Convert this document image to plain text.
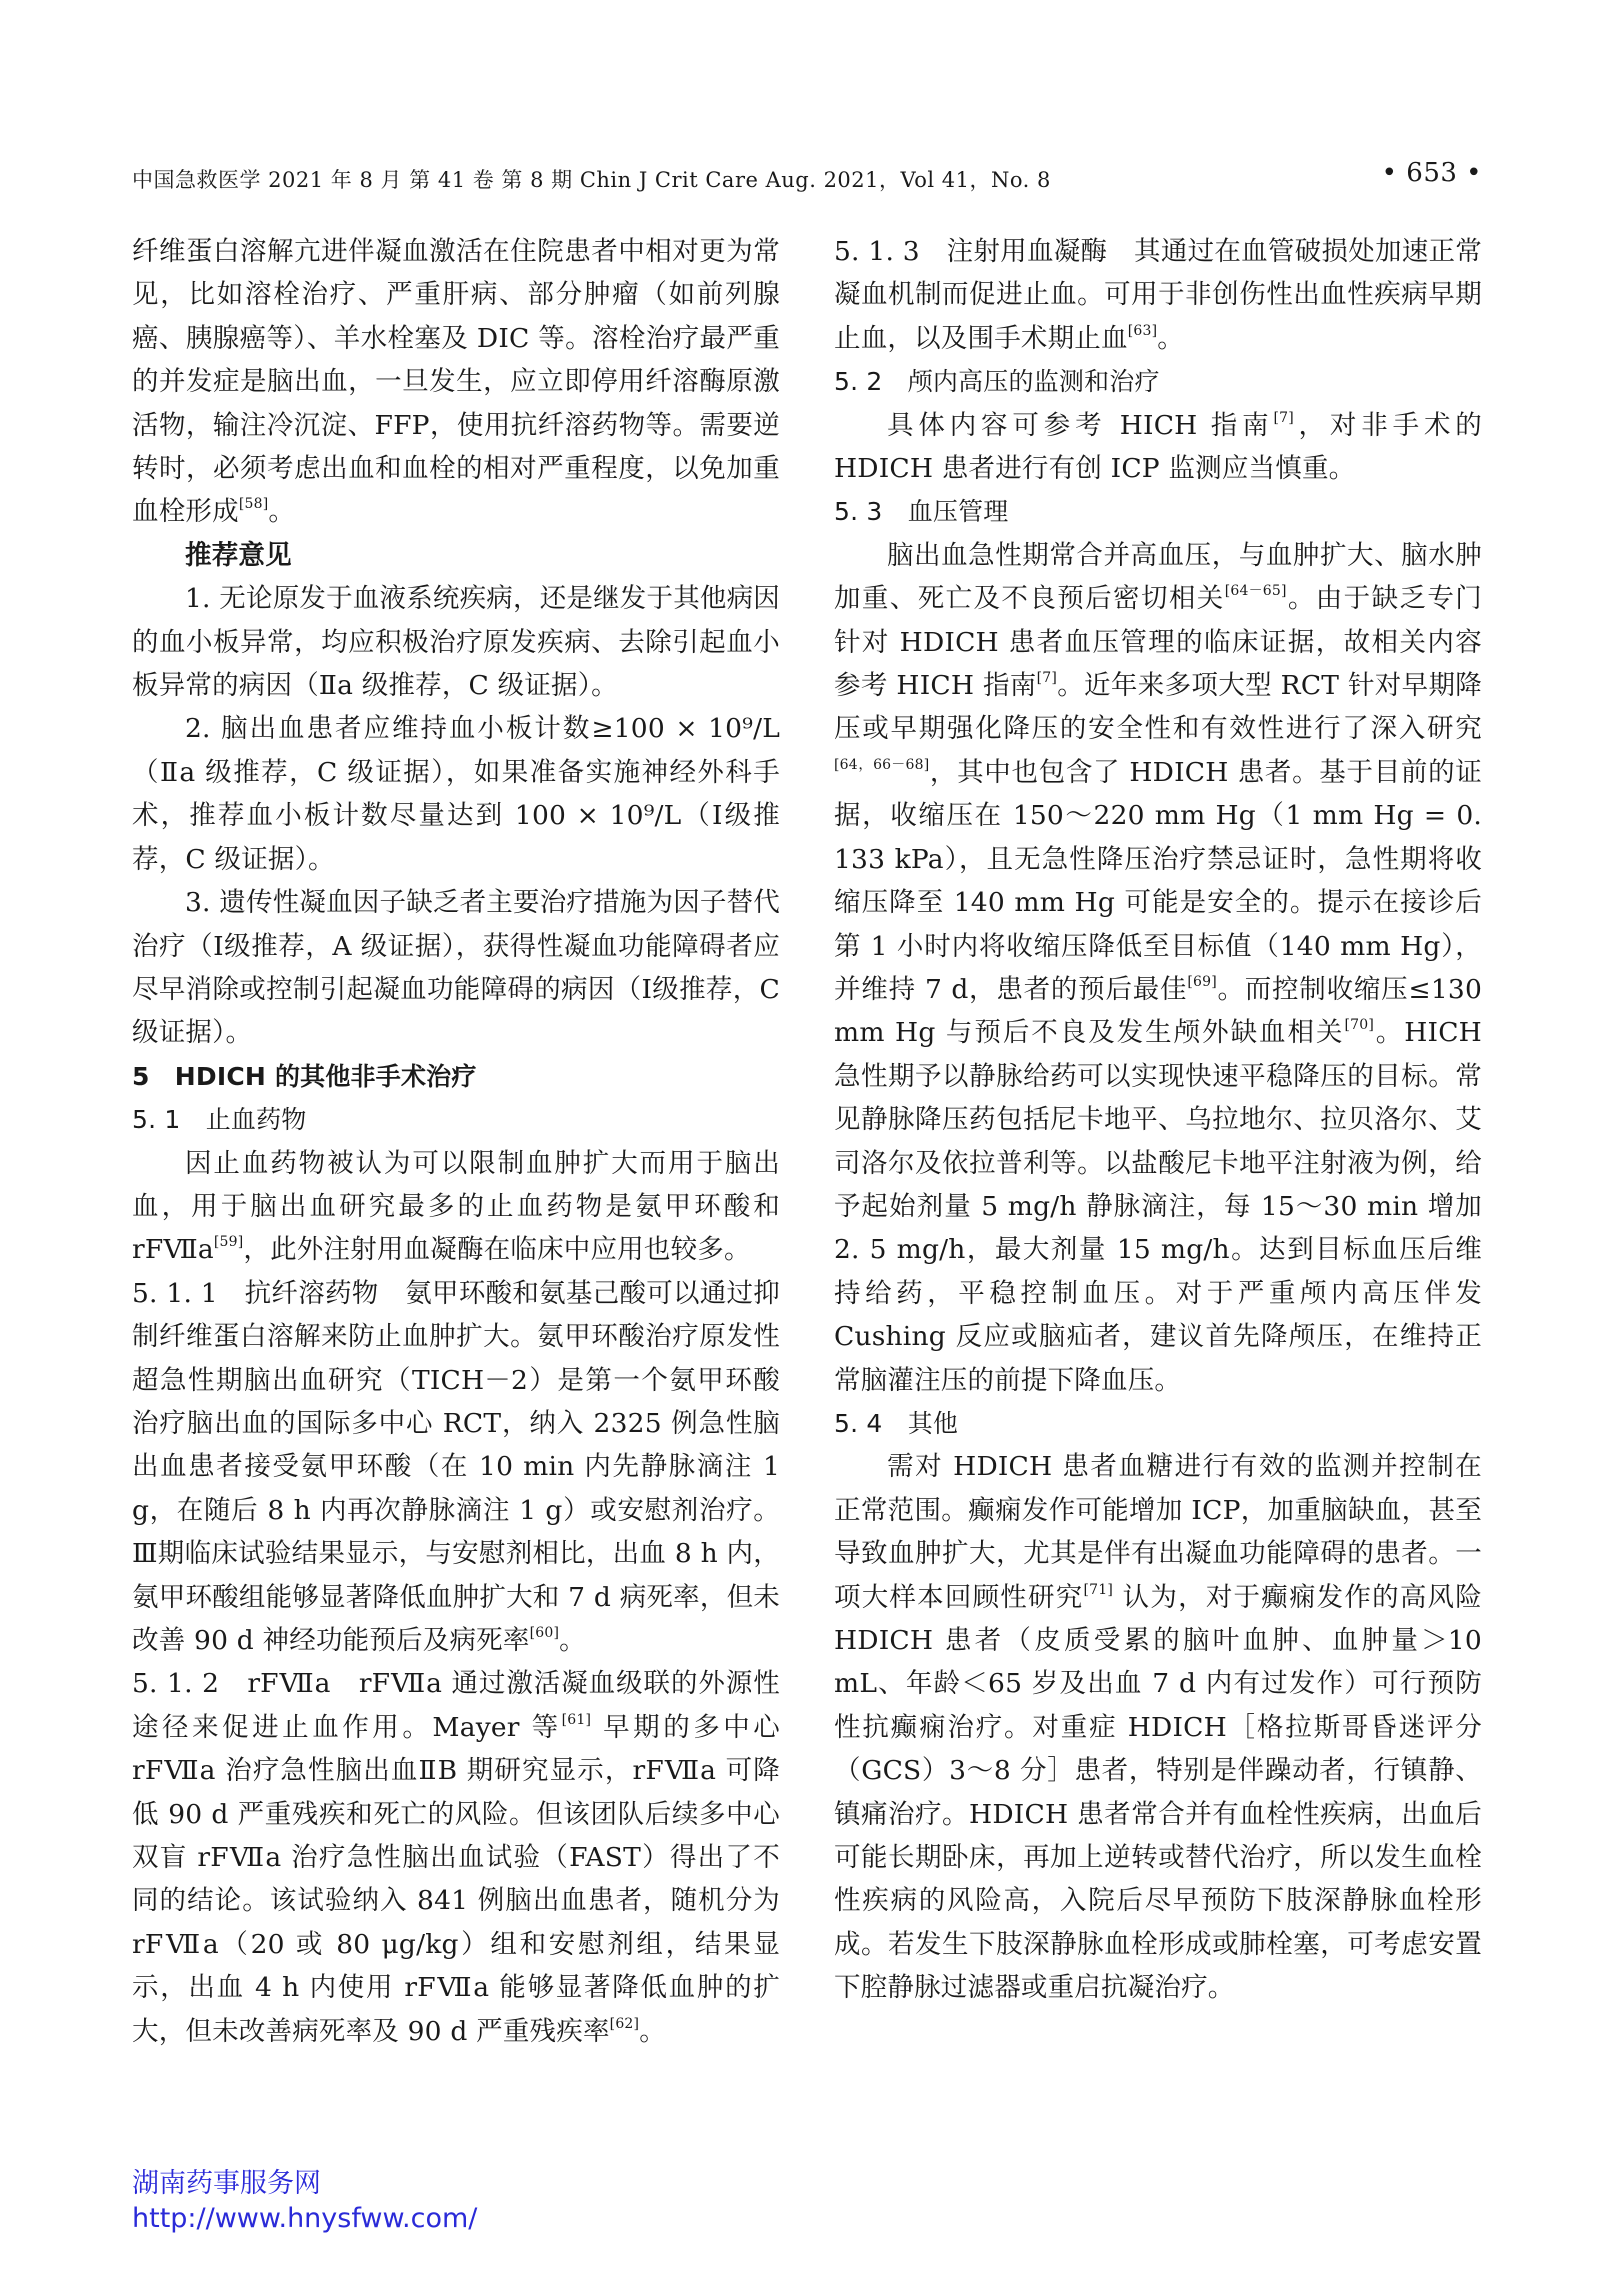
中国急救医学 2021 年 8 月 第 41 卷 第 8 期 Chin J Crit Care Aug. 2021，Vol 41，No. 8	• 653 •

纤维蛋白溶解亢进伴凝血激活在住院患者中相对更为常见，比如溶栓治疗、严重肝病、部分肿瘤（如前列腺癌、胰腺癌等）、羊水栓塞及 DIC 等。溶栓治疗最严重的并发症是脑出血，一旦发生，应立即停用纤溶酶原激活物，输注冷沉淀、FFP，使用抗纤溶药物等。需要逆转时，必须考虑出血和血栓的相对严重程度，以免加重血栓形成[58]。

推荐意见

1. 无论原发于血液系统疾病，还是继发于其他病因的血小板异常，均应积极治疗原发疾病、去除引起血小板异常的病因（Ⅱa 级推荐，C 级证据）。

2. 脑出血患者应维持血小板计数≥100 × 10⁹/L（Ⅱa 级推荐，C 级证据），如果准备实施神经外科手术，推荐血小板计数尽量达到 100 × 10⁹/L（Ⅰ级推荐，C 级证据）。

3. 遗传性凝血因子缺乏者主要治疗措施为因子替代治疗（Ⅰ级推荐，A 级证据），获得性凝血功能障碍者应尽早消除或控制引起凝血功能障碍的病因（Ⅰ级推荐，C 级证据）。

5　HDICH 的其他非手术治疗

5. 1　止血药物

因止血药物被认为可以限制血肿扩大而用于脑出血，用于脑出血研究最多的止血药物是氨甲环酸和 rFⅦa[59]，此外注射用血凝酶在临床中应用也较多。

5. 1. 1　抗纤溶药物　氨甲环酸和氨基己酸可以通过抑制纤维蛋白溶解来防止血肿扩大。氨甲环酸治疗原发性超急性期脑出血研究（TICH－2）是第一个氨甲环酸治疗脑出血的国际多中心 RCT，纳入 2325 例急性脑出血患者接受氨甲环酸（在 10 min 内先静脉滴注 1 g，在随后 8 h 内再次静脉滴注 1 g）或安慰剂治疗。Ⅲ期临床试验结果显示，与安慰剂相比，出血 8 h 内，氨甲环酸组能够显著降低血肿扩大和 7 d 病死率，但未改善 90 d 神经功能预后及病死率[60]。

5. 1. 2　rFⅦa　rFⅦa 通过激活凝血级联的外源性途径来促进止血作用。Mayer 等[61] 早期的多中心 rFⅦa 治疗急性脑出血ⅡB 期研究显示，rFⅦa 可降低 90 d 严重残疾和死亡的风险。但该团队后续多中心双盲 rFⅦa 治疗急性脑出血试验（FAST）得出了不同的结论。该试验纳入 841 例脑出血患者，随机分为rFⅦa（20 或 80 μg/kg）组和安慰剂组，结果显示，出血 4 h 内使用 rFⅦa 能够显著降低血肿的扩大，但未改善病死率及 90 d 严重残疾率[62]。

5. 1. 3　注射用血凝酶　其通过在血管破损处加速正常凝血机制而促进止血。可用于非创伤性出血性疾病早期止血，以及围手术期止血[63]。

5. 2　颅内高压的监测和治疗

具体内容可参考 HICH 指南[7]，对非手术的 HDICH 患者进行有创 ICP 监测应当慎重。

5. 3　血压管理

脑出血急性期常合并高血压，与血肿扩大、脑水肿加重、死亡及不良预后密切相关[64－65]。由于缺乏专门针对 HDICH 患者血压管理的临床证据，故相关内容参考 HICH 指南[7]。近年来多项大型 RCT 针对早期降压或早期强化降压的安全性和有效性进行了深入研究[64，66－68]，其中也包含了 HDICH 患者。基于目前的证据，收缩压在 150～220 mm Hg（1 mm Hg = 0. 133 kPa），且无急性降压治疗禁忌证时，急性期将收缩压降至 140 mm Hg 可能是安全的。提示在接诊后第 1 小时内将收缩压降低至目标值（140 mm Hg），并维持 7 d，患者的预后最佳[69]。而控制收缩压≤130 mm Hg 与预后不良及发生颅外缺血相关[70]。HICH 急性期予以静脉给药可以实现快速平稳降压的目标。常见静脉降压药包括尼卡地平、乌拉地尔、拉贝洛尔、艾司洛尔及依拉普利等。以盐酸尼卡地平注射液为例，给予起始剂量 5 mg/h 静脉滴注，每 15～30 min 增加 2. 5 mg/h，最大剂量 15 mg/h。达到目标血压后维持给药，平稳控制血压。对于严重颅内高压伴发 Cushing 反应或脑疝者，建议首先降颅压，在维持正常脑灌注压的前提下降血压。

5. 4　其他

需对 HDICH 患者血糖进行有效的监测并控制在正常范围。癫痫发作可能增加 ICP，加重脑缺血，甚至导致血肿扩大，尤其是伴有出凝血功能障碍的患者。一项大样本回顾性研究[71] 认为，对于癫痫发作的高风险 HDICH 患者（皮质受累的脑叶血肿、血肿量＞10 mL、年龄＜65 岁及出血 7 d 内有过发作）可行预防性抗癫痫治疗。对重症 HDICH［格拉斯哥昏迷评分（GCS）3～8 分］患者，特别是伴躁动者，行镇静、镇痛治疗。HDICH 患者常合并有血栓性疾病，出血后可能长期卧床，再加上逆转或替代治疗，所以发生血栓性疾病的风险高，入院后尽早预防下肢深静脉血栓形成。若发生下肢深静脉血栓形成或肺栓塞，可考虑安置下腔静脉过滤器或重启抗凝治疗。

湖南药事服务网
http://www.hnysfww.com/
